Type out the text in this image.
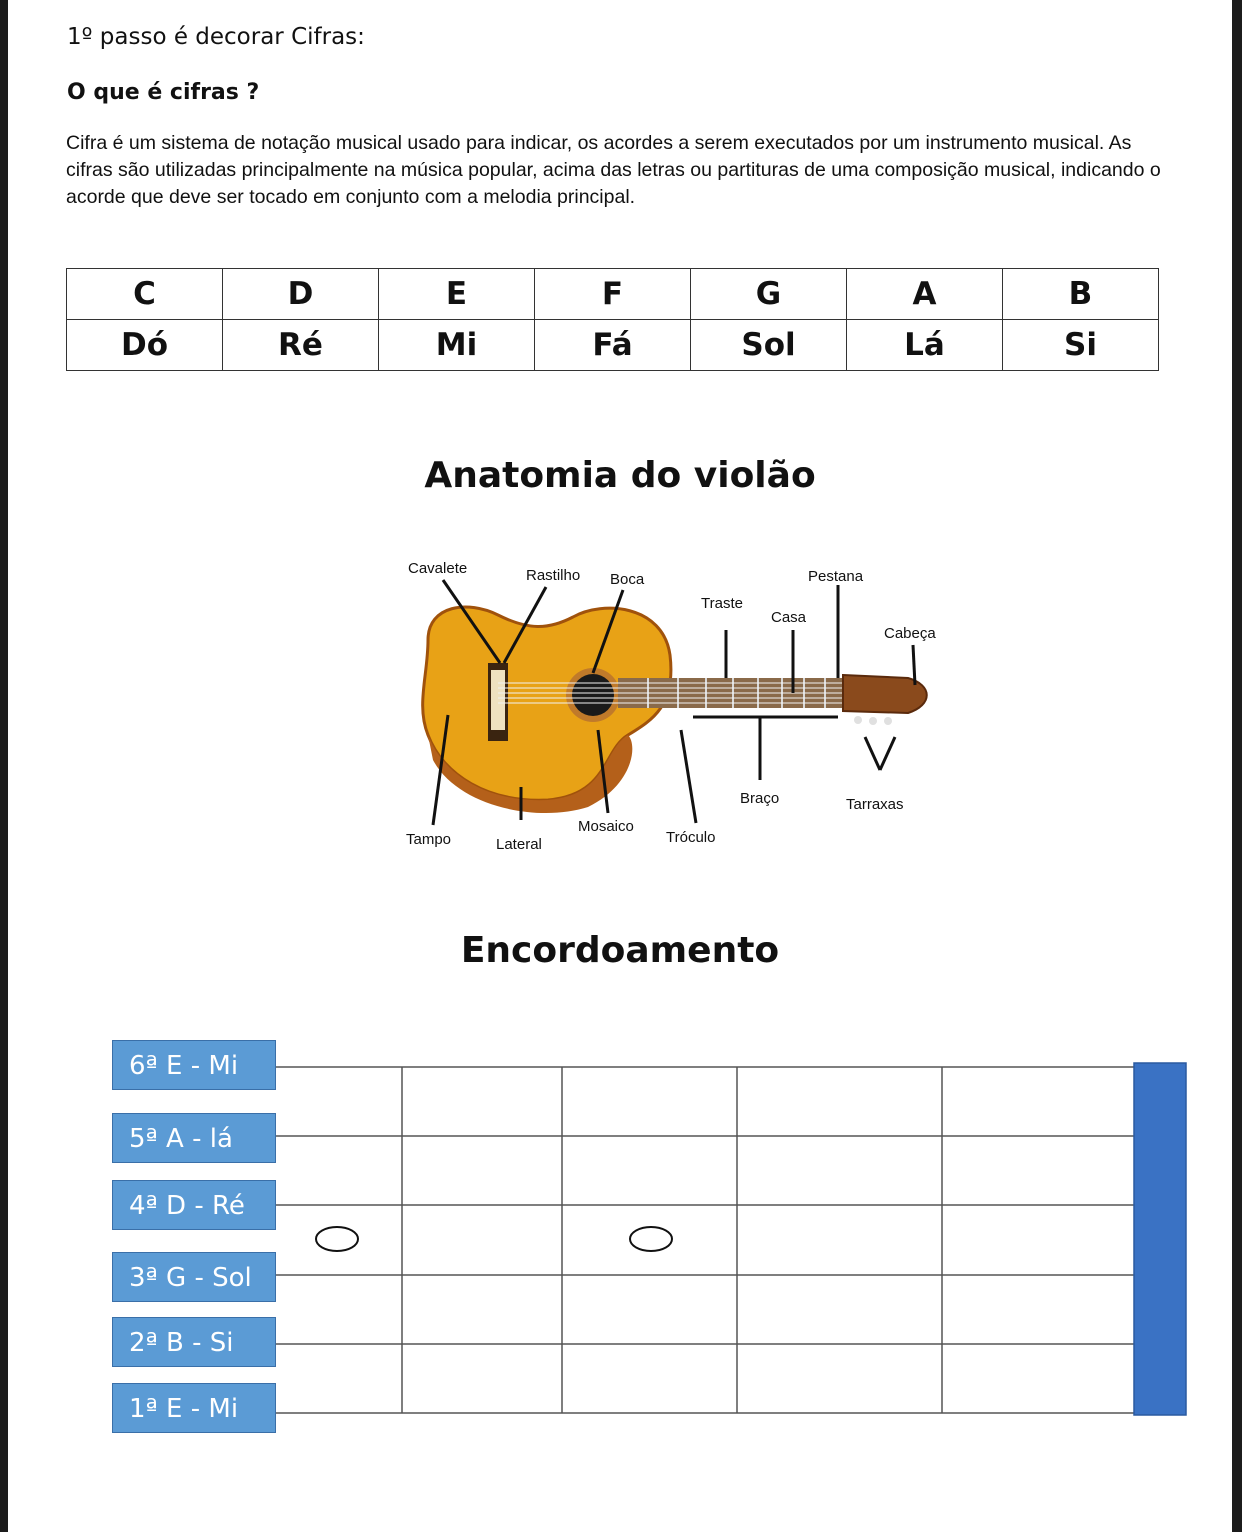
1º passo é decorar Cifras:
O que é cifras ?
Cifra é um sistema de notação musical usado para indicar, os acordes a serem executados por um instrumento musical. As cifras são utilizadas principalmente na música popular, acima das letras ou partituras de uma composição musical, indicando o acorde que deve ser tocado em conjunto com a melodia principal.
C	D	E	F	G	A	B
Dó	Ré	Mi	Fá	Sol	Lá	Si
Anatomia do violão
Cavalete	Rastilho Boca
Traste
Casa
Pestana
Cabeça
Braço	Tarraxas
Tampo	Lateral
Mosaico
Tróculo
Encordoamento
6ª E - Mi
5ª A - lá
4ª D - Ré
3ª G - Sol
2ª B - Si
1ª E - Mi
